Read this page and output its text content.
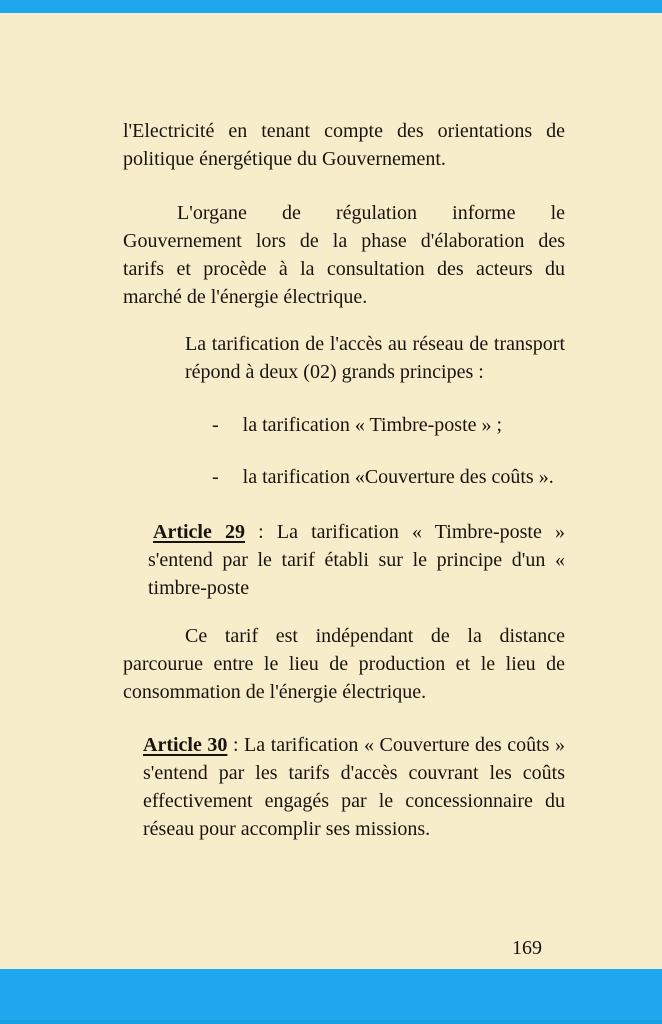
l'Electricité en tenant compte des orientations de
politique énergétique du Gouvernement.
L'organe de régulation informe le
Gouvernement lors de la phase d'élaboration des
tarifs et procède à la consultation des acteurs du
marché de l'énergie électrique.
La tarification de l'accès au réseau de transport
répond à deux (02) grands principes :
- la tarification « Timbre-poste » ;
- la tarification «Couverture des coûts ».
Article 29 : La tarification « Timbre-poste »
s'entend par le tarif établi sur le principe d'un «
timbre-poste
Ce tarif est indépendant de la distance
parcourue entre le lieu de production et le lieu de
consommation de l'énergie électrique.
Article 30 : La tarification « Couverture des coûts »
s'entend par les tarifs d'accès couvrant les coûts
effectivement engagés par le concessionnaire du
réseau pour accomplir ses missions.
169
